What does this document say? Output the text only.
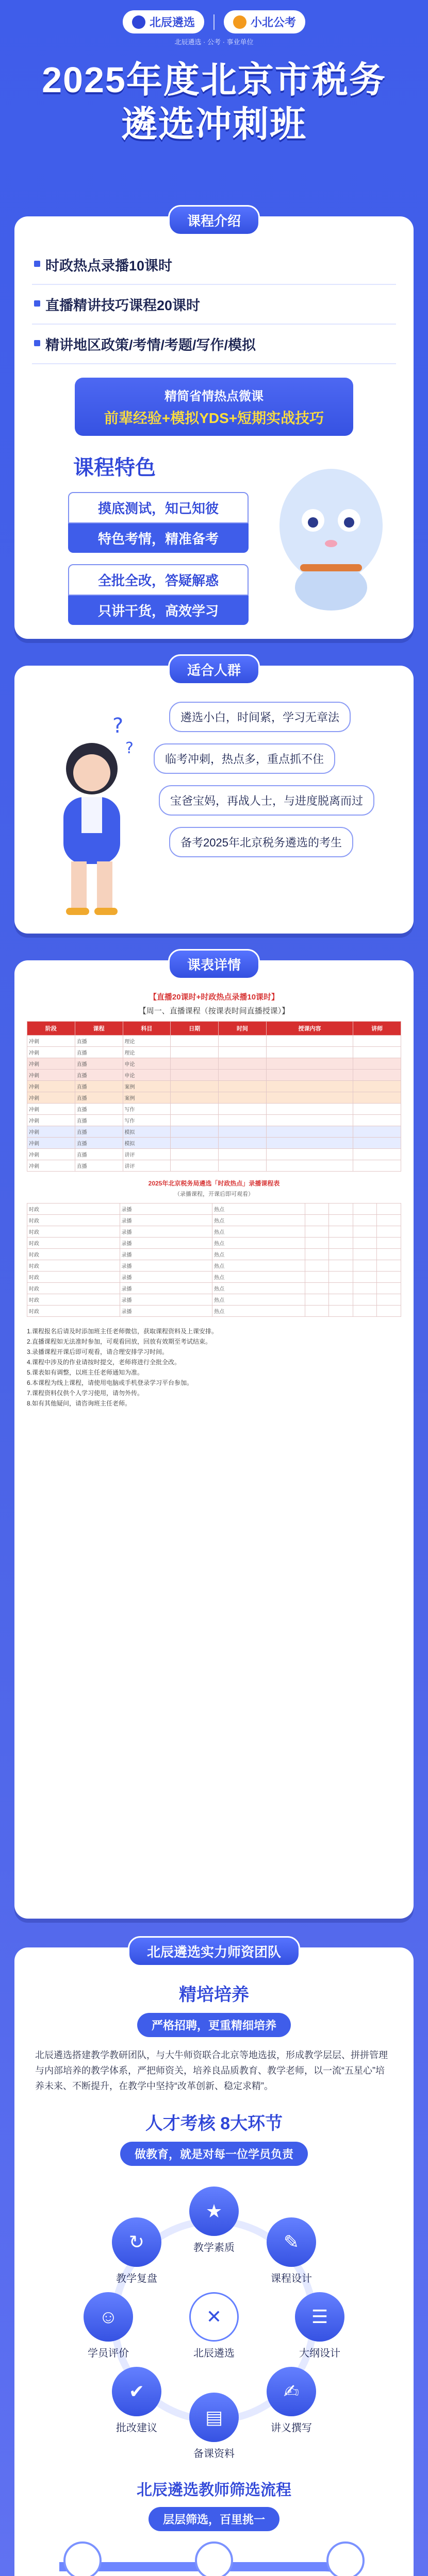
北辰遴选	小北公考
北辰遴选 · 公考 · 事业单位
2025年度北京市税务
遴选冲刺班
课程介绍
时政热点录播10课时
直播精讲技巧课程20课时
精讲地区政策/考情/考题/写作/模拟
精简省情热点微课
前辈经验+模拟YDS+短期实战技巧
课程特色
摸底测试，知己知彼
特色考情，精准备考
全批全改，答疑解惑
只讲干货，高效学习
适合人群
?
?
遴选小白，时间紧，学习无章法
临考冲刺，热点多，重点抓不住
宝爸宝妈，再战人士，与进度脱离而过
备考2025年北京税务遴选的考生
课表详情
【直播20课时+时政热点录播10课时】
【周一、直播课程（按课表时间直播授课）】
阶段	课程	科目	日期	时间	授课内容	讲师
冲刺	直播	理论				
冲刺	直播	理论				
冲刺	直播	申论				
冲刺	直播	申论				
冲刺	直播	案例				
冲刺	直播	案例				
冲刺	直播	写作				
冲刺	直播	写作				
冲刺	直播	模拟				
冲刺	直播	模拟				
冲刺	直播	讲评				
冲刺	直播	讲评				
2025年北京税务局遴选「时政热点」录播课程表
（录播课程，开课后即可观看）
时政	录播	热点				
时政	录播	热点				
时政	录播	热点				
时政	录播	热点				
时政	录播	热点				
时政	录播	热点				
时政	录播	热点				
时政	录播	热点				
时政	录播	热点				
时政	录播	热点				

1.课程报名后请及时添加班主任老师微信，获取课程资料及上课安排。

2.直播课程如无法准时参加，可观看回放，回放有效期至考试结束。

3.录播课程开课后即可观看，请合理安排学习时间。

4.课程中涉及的作业请按时提交，老师将进行全批全改。

5.课表如有调整，以班主任老师通知为准。

6.本课程为线上课程，请使用电脑或手机登录学习平台参加。

7.课程资料仅供个人学习使用，请勿外传。

8.如有其他疑问，请咨询班主任老师。

北辰遴选实力师资团队
精培培养
严格招聘，更重精细培养
北辰遴选搭建教学教研团队，与大牛师资联合北京等地选拔，形成教学层层、拼拼管理与内部培养的教学体系，严把师资关，培养良品质教育、教学老师，以一流“五星心”培养未来、不断提升，在教学中坚持“改革创新、稳定求精”。
人才考核 8大环节
做教育，就是对每一位学员负责
✕
北辰遴选
★
教学素质	✎
课程设计
☰
大纲设计
✍
讲义撰写
▤
备课资料
✔
批改建议
☺
学员评价
↻
教学复盘
北辰遴选教师筛选流程
层层筛选，百里挑一
